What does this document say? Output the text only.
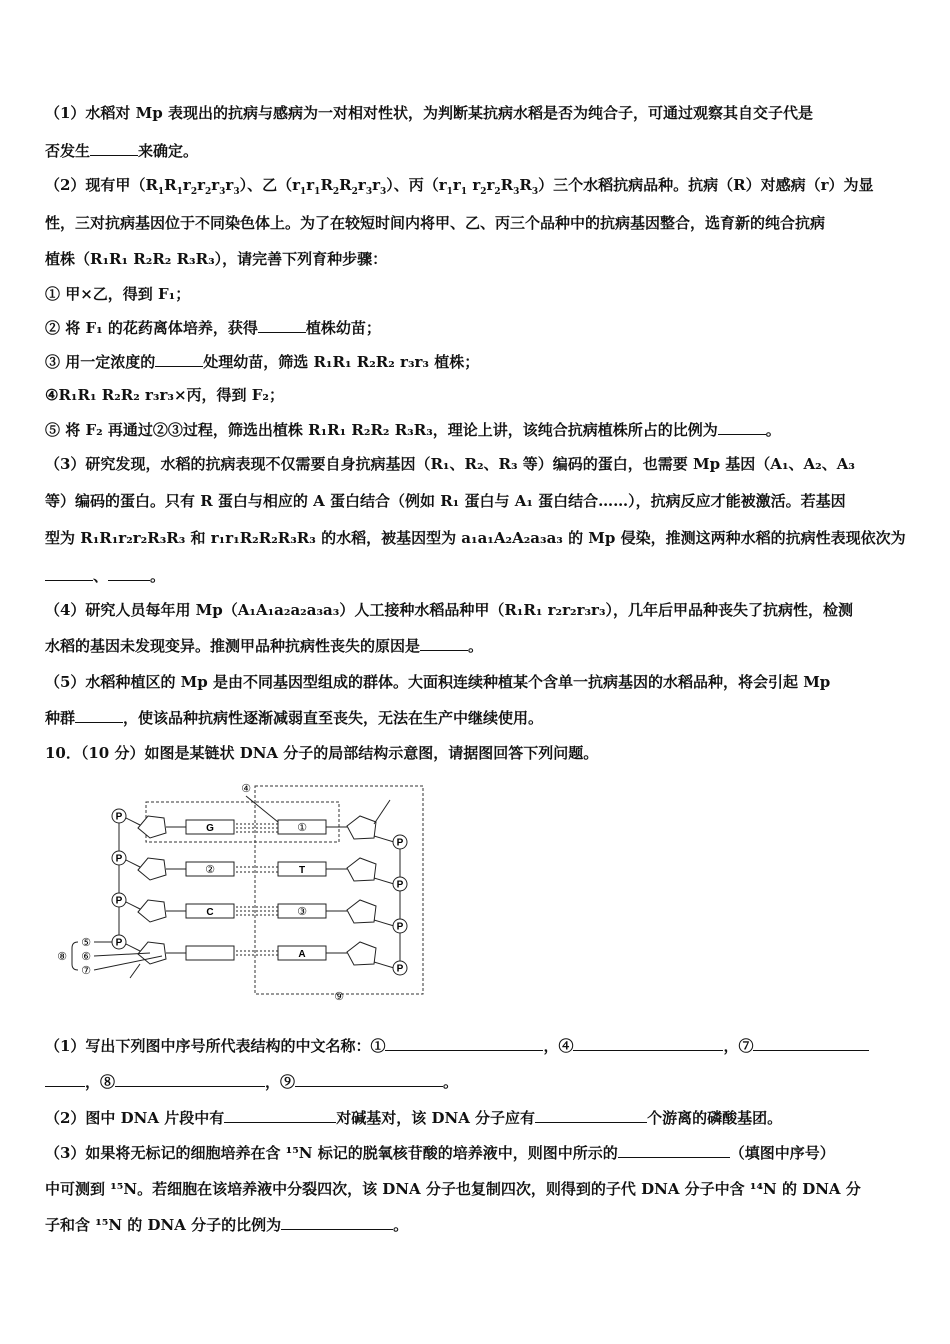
（1）水稻对 Mp 表现出的抗病与感病为一对相对性状，为判断某抗病水稻是否为纯合子，可通过观察其自交子代是
否发生	来确定。
（2）现有甲$(R_1R_1r_2r_2r_3r_3)$、乙$(r_1r_1R_2R_2r_3r_3)$、丙（$r_1r_1$ $r_2r_2R_3R_3$）三个水稻抗病品种。抗病（R）对感病（r）为显
性，三对抗病基因位于不同染色体上。为了在较短时间内将甲、乙、丙三个品种中的抗病基因整合，选育新的纯合抗病
植株（R₁R₁ R₂R₂ R₃R₃），请完善下列育种步骤：
① 甲×乙，得到 F₁；
② 将 F₁ 的花药离体培养，获得	植株幼苗；
③ 用一定浓度的	处理幼苗，筛选 R₁R₁ R₂R₂ r₃r₃ 植株；
④R₁R₁ R₂R₂ r₃r₃×丙，得到 F₂；
⑤ 将 F₂ 再通过②③过程，筛选出植株 R₁R₁ R₂R₂ R₃R₃，理论上讲，该纯合抗病植株所占的比例为	。
（3）研究发现，水稻的抗病表现不仅需要自身抗病基因（R₁、R₂、R₃ 等）编码的蛋白，也需要 Mp 基因（A₁、A₂、A₃
等）编码的蛋白。只有 R 蛋白与相应的 A 蛋白结合（例如 R₁ 蛋白与 A₁ 蛋白结合……），抗病反应才能被激活。若基因
型为 R₁R₁r₂r₂R₃R₃ 和 r₁r₁R₂R₂R₃R₃ 的水稻，被基因型为 a₁a₁A₂A₂a₃a₃ 的 Mp 侵染，推测这两种水稻的抗病性表现依次为
、	。
（4）研究人员每年用 Mp（A₁A₁a₂a₂a₃a₃）人工接种水稻品种甲（R₁R₁ r₂r₂r₃r₃），几年后甲品种丧失了抗病性，检测
水稻的基因未发现变异。推测甲品种抗病性丧失的原因是	。
（5）水稻种植区的 Mp 是由不同基因型组成的群体。大面积连续种植某个含单一抗病基因的水稻品种，将会引起 Mp
种群	，使该品种抗病性逐渐减弱直至丧失，无法在生产中继续使用。
10．（10 分）如图是某链状 DNA 分子的局部结构示意图，请据图回答下列问题。
P
G	①
P
P
②	T
P
P
C	③
P
P
A
P
④
⑤
⑥
⑦
⑧
⑨
（1）写出下列图中序号所代表结构的中文名称：①	，④	，⑦
，⑧	，⑨	。
（2）图中 DNA 片段中有	对碱基对，该 DNA 分子应有	个游离的磷酸基团。
（3）如果将无标记的细胞培养在含 ¹⁵N 标记的脱氧核苷酸的培养液中，则图中所示的	（填图中序号）
中可测到 ¹⁵N。若细胞在该培养液中分裂四次，该 DNA 分子也复制四次，则得到的子代 DNA 分子中含 ¹⁴N 的 DNA 分
子和含 ¹⁵N 的 DNA 分子的比例为	。
